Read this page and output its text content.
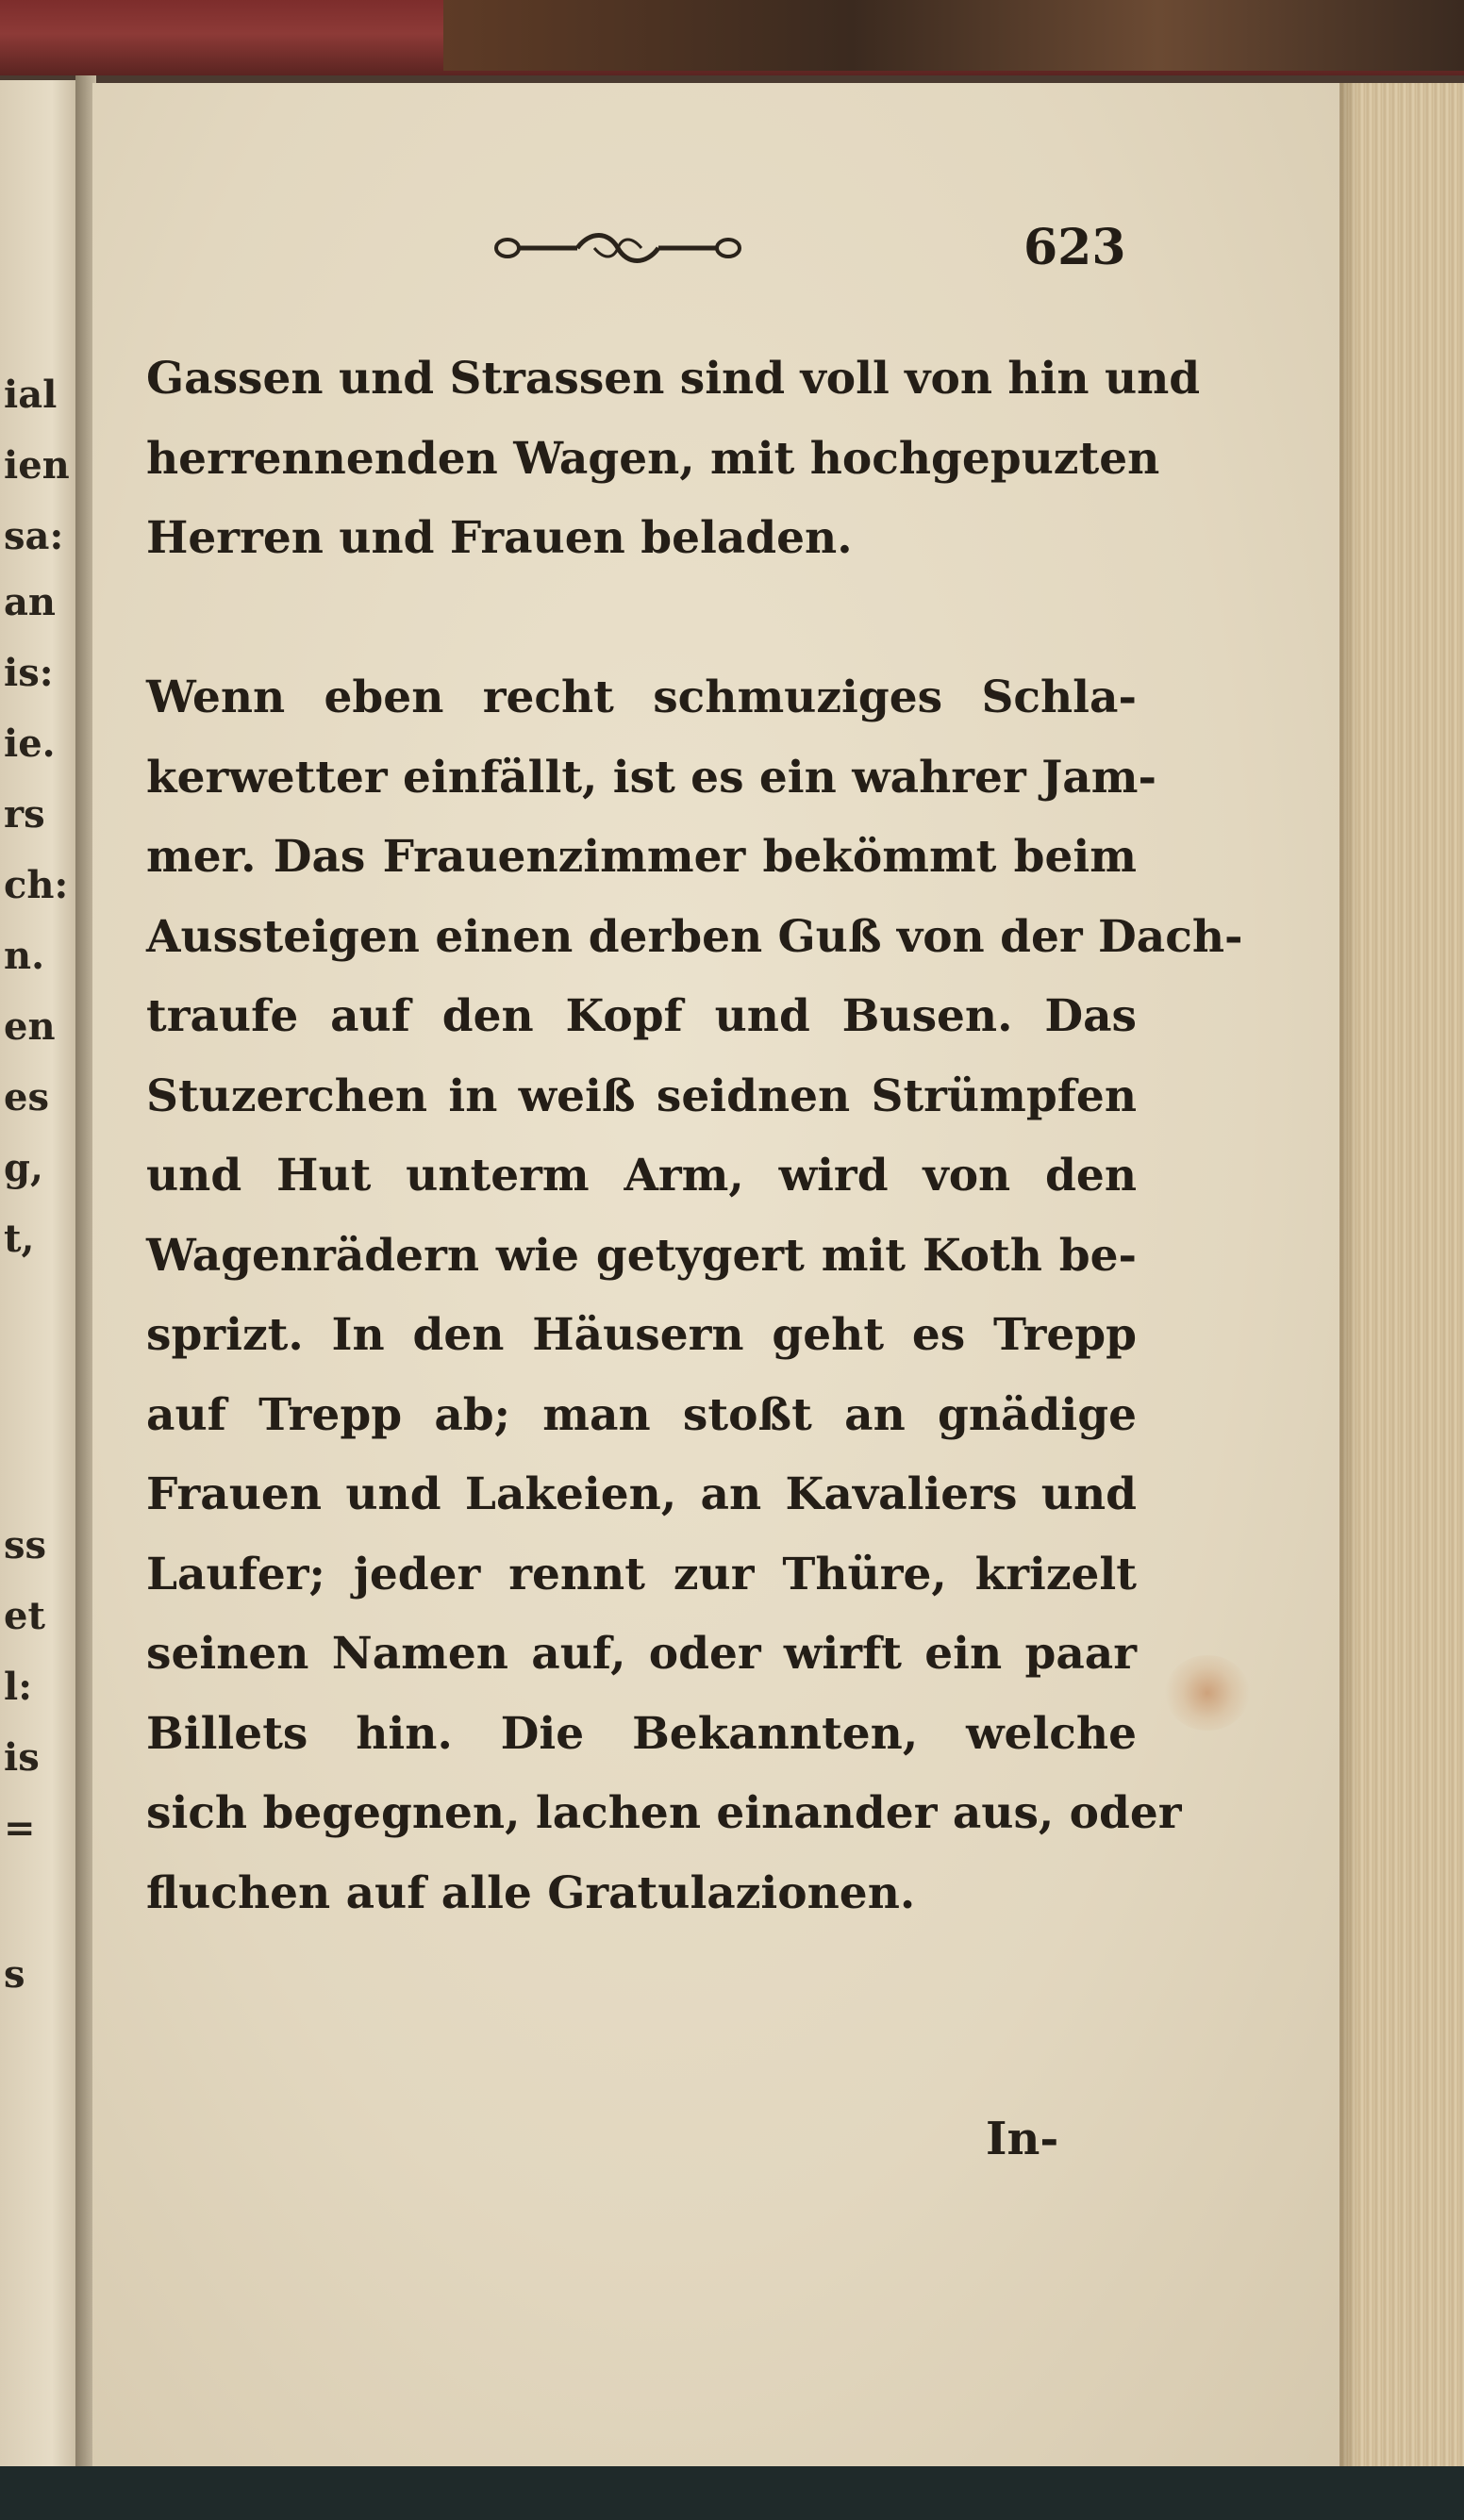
ial
ien
sa:
an
is:
ie.
rs
ch:
n.
en
es
g,
t,
ss
et
l:
is
=
s
623
Gassen und Strassen sind voll von hin und
herrennenden Wagen, mit hochgepuzten
Herren und Frauen beladen.
Wenn eben recht schmuziges Schla-
kerwetter einfällt, ist es ein wahrer Jam-
mer. Das Frauenzimmer bekömmt beim
Aussteigen einen derben Guß von der Dach-
traufe auf den Kopf und Busen. Das
Stuzerchen in weiß seidnen Strümpfen
und Hut unterm Arm, wird von den
Wagenrädern wie getygert mit Koth be-
sprizt. In den Häusern geht es Trepp
auf Trepp ab; man stoßt an gnädige
Frauen und Lakeien, an Kavaliers und
Laufer; jeder rennt zur Thüre, krizelt
seinen Namen auf, oder wirft ein paar
Billets hin. Die Bekannten, welche
sich begegnen, lachen einander aus, oder
fluchen auf alle Gratulazionen.
In-
